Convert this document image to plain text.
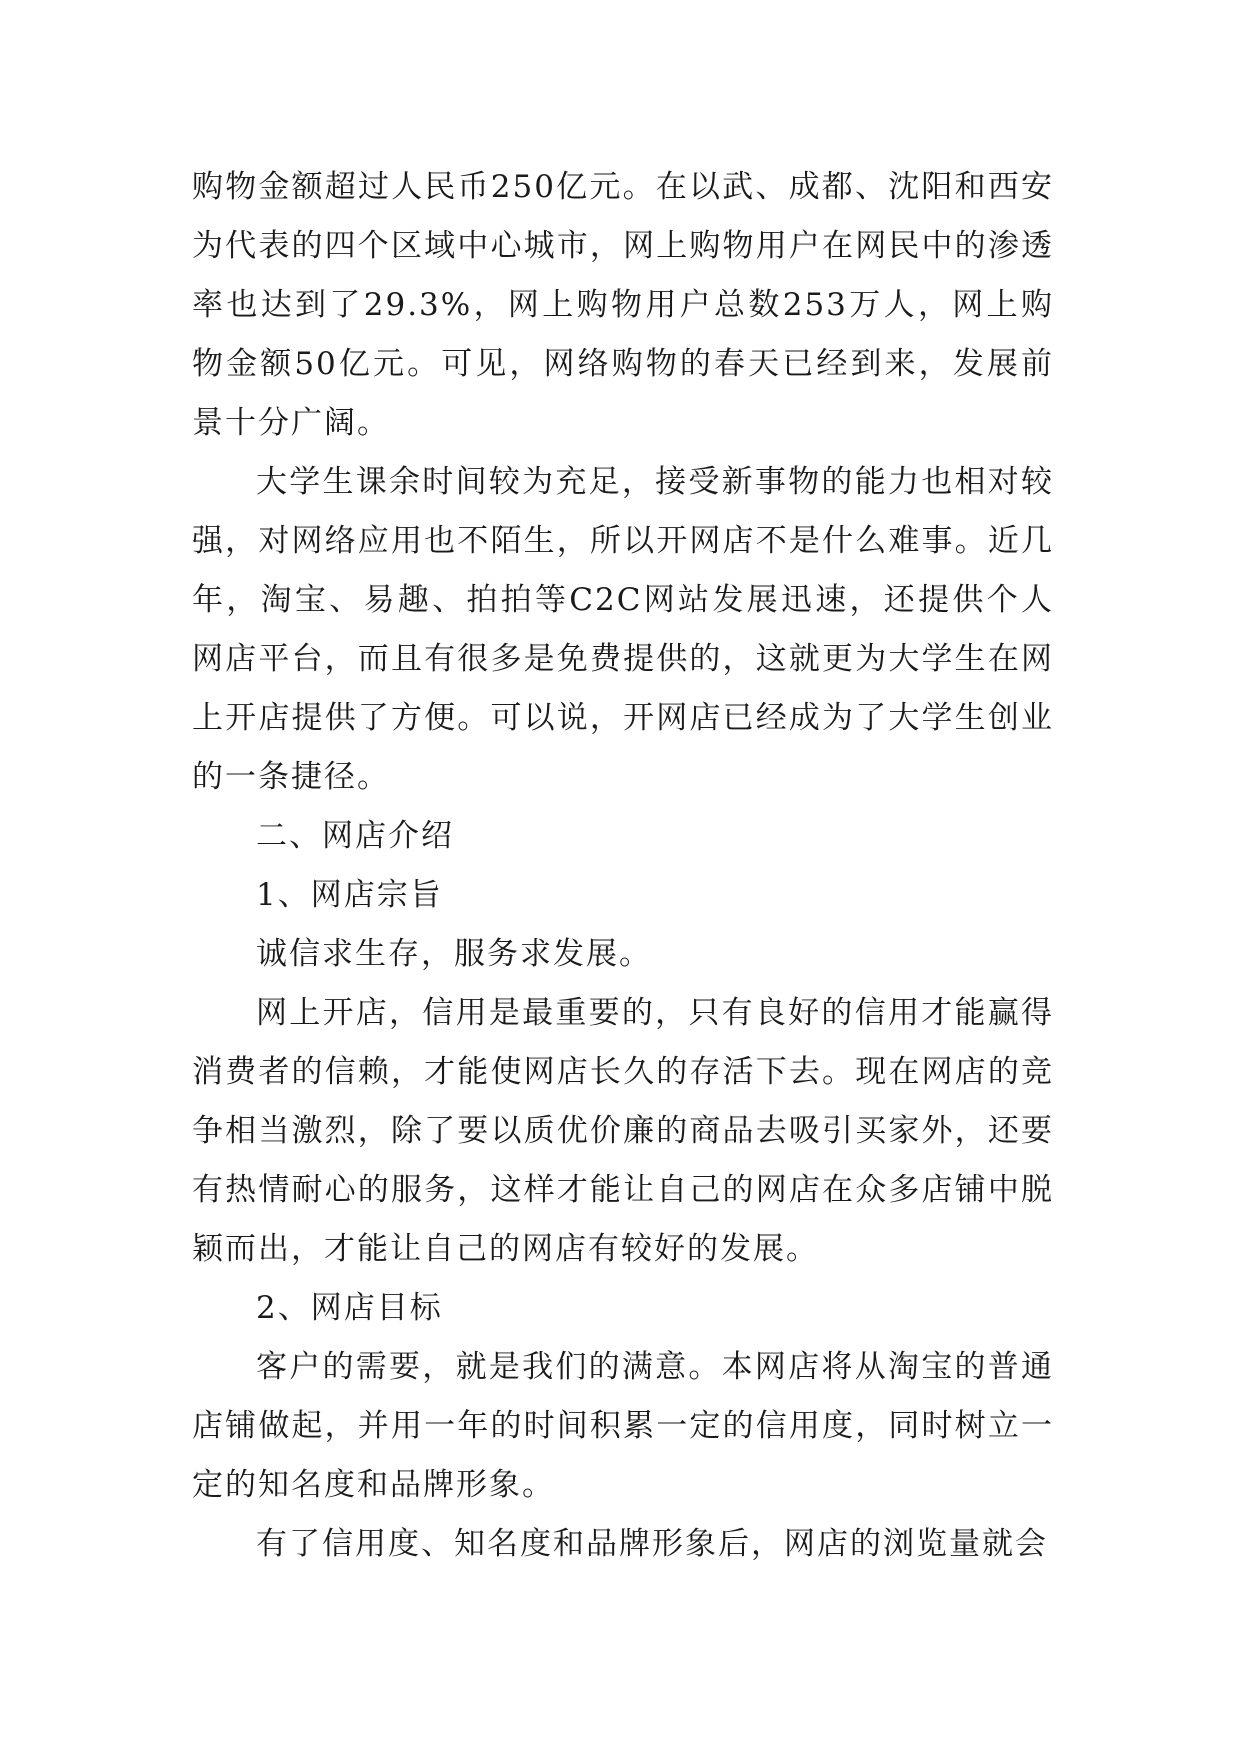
购物金额超过人民币250亿元。在以武、成都、沈阳和西安为代表的四个区域中心城市，网上购物用户在网民中的渗透率也达到了29.3%，网上购物用户总数253万人，网上购物金额50亿元。可见，网络购物的春天已经到来，发展前景十分广阔。

大学生课余时间较为充足，接受新事物的能力也相对较强，对网络应用也不陌生，所以开网店不是什么难事。近几年，淘宝、易趣、拍拍等C2C网站发展迅速，还提供个人网店平台，而且有很多是免费提供的，这就更为大学生在网上开店提供了方便。可以说，开网店已经成为了大学生创业的一条捷径。

二、网店介绍

1、网店宗旨

诚信求生存，服务求发展。

网上开店，信用是最重要的，只有良好的信用才能赢得消费者的信赖，才能使网店长久的存活下去。现在网店的竞争相当激烈，除了要以质优价廉的商品去吸引买家外，还要有热情耐心的服务，这样才能让自己的网店在众多店铺中脱颖而出，才能让自己的网店有较好的发展。

2、网店目标

客户的需要，就是我们的满意。本网店将从淘宝的普通店铺做起，并用一年的时间积累一定的信用度，同时树立一定的知名度和品牌形象。

有了信用度、知名度和品牌形象后，网店的浏览量就会
